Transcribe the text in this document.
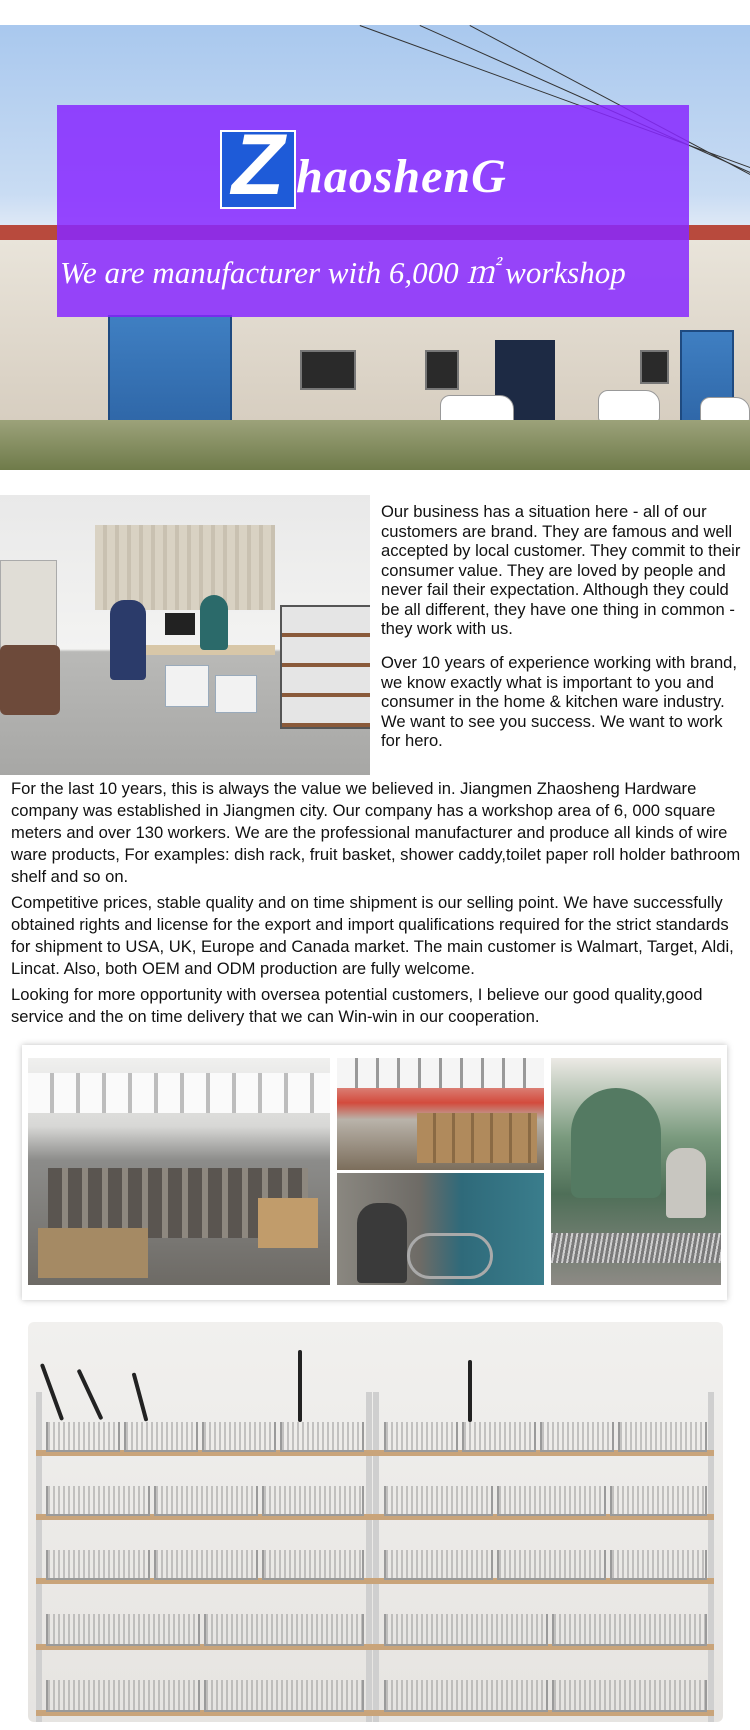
Z haoshenG
We are manufacturer with 6,000 ㎡ workshop
Our business has a situation here - all of our customers are brand. They are famous and well accepted by local customer. They commit to their consumer value. They are loved by people and never fail their expectation. Although they could be all different, they have one thing in common - they work with us.
Over 10 years of experience working with brand, we know exactly what is important to you and consumer in the home & kitchen ware industry. We want to see you success. We want to work for hero.
For the last 10 years, this is always the value we believed in. Jiangmen Zhaosheng Hardware company was established in Jiangmen city. Our company has a workshop area of 6, 000 square meters and over 130 workers. We are the professional manufacturer and produce all kinds of wire ware products, For examples: dish rack, fruit basket, shower caddy,toilet paper roll holder bathroom shelf and so on.
Competitive prices, stable quality and on time shipment is our selling point. We have successfully obtained rights and license for the export and import qualifications required for the strict standards for shipment to USA, UK, Europe and Canada market. The main customer is Walmart, Target, Aldi, Lincat. Also, both OEM and ODM production are fully welcome.
Looking for more opportunity with oversea potential customers, I believe our good quality,good service and the on time delivery that we can Win-win in our cooperation.
